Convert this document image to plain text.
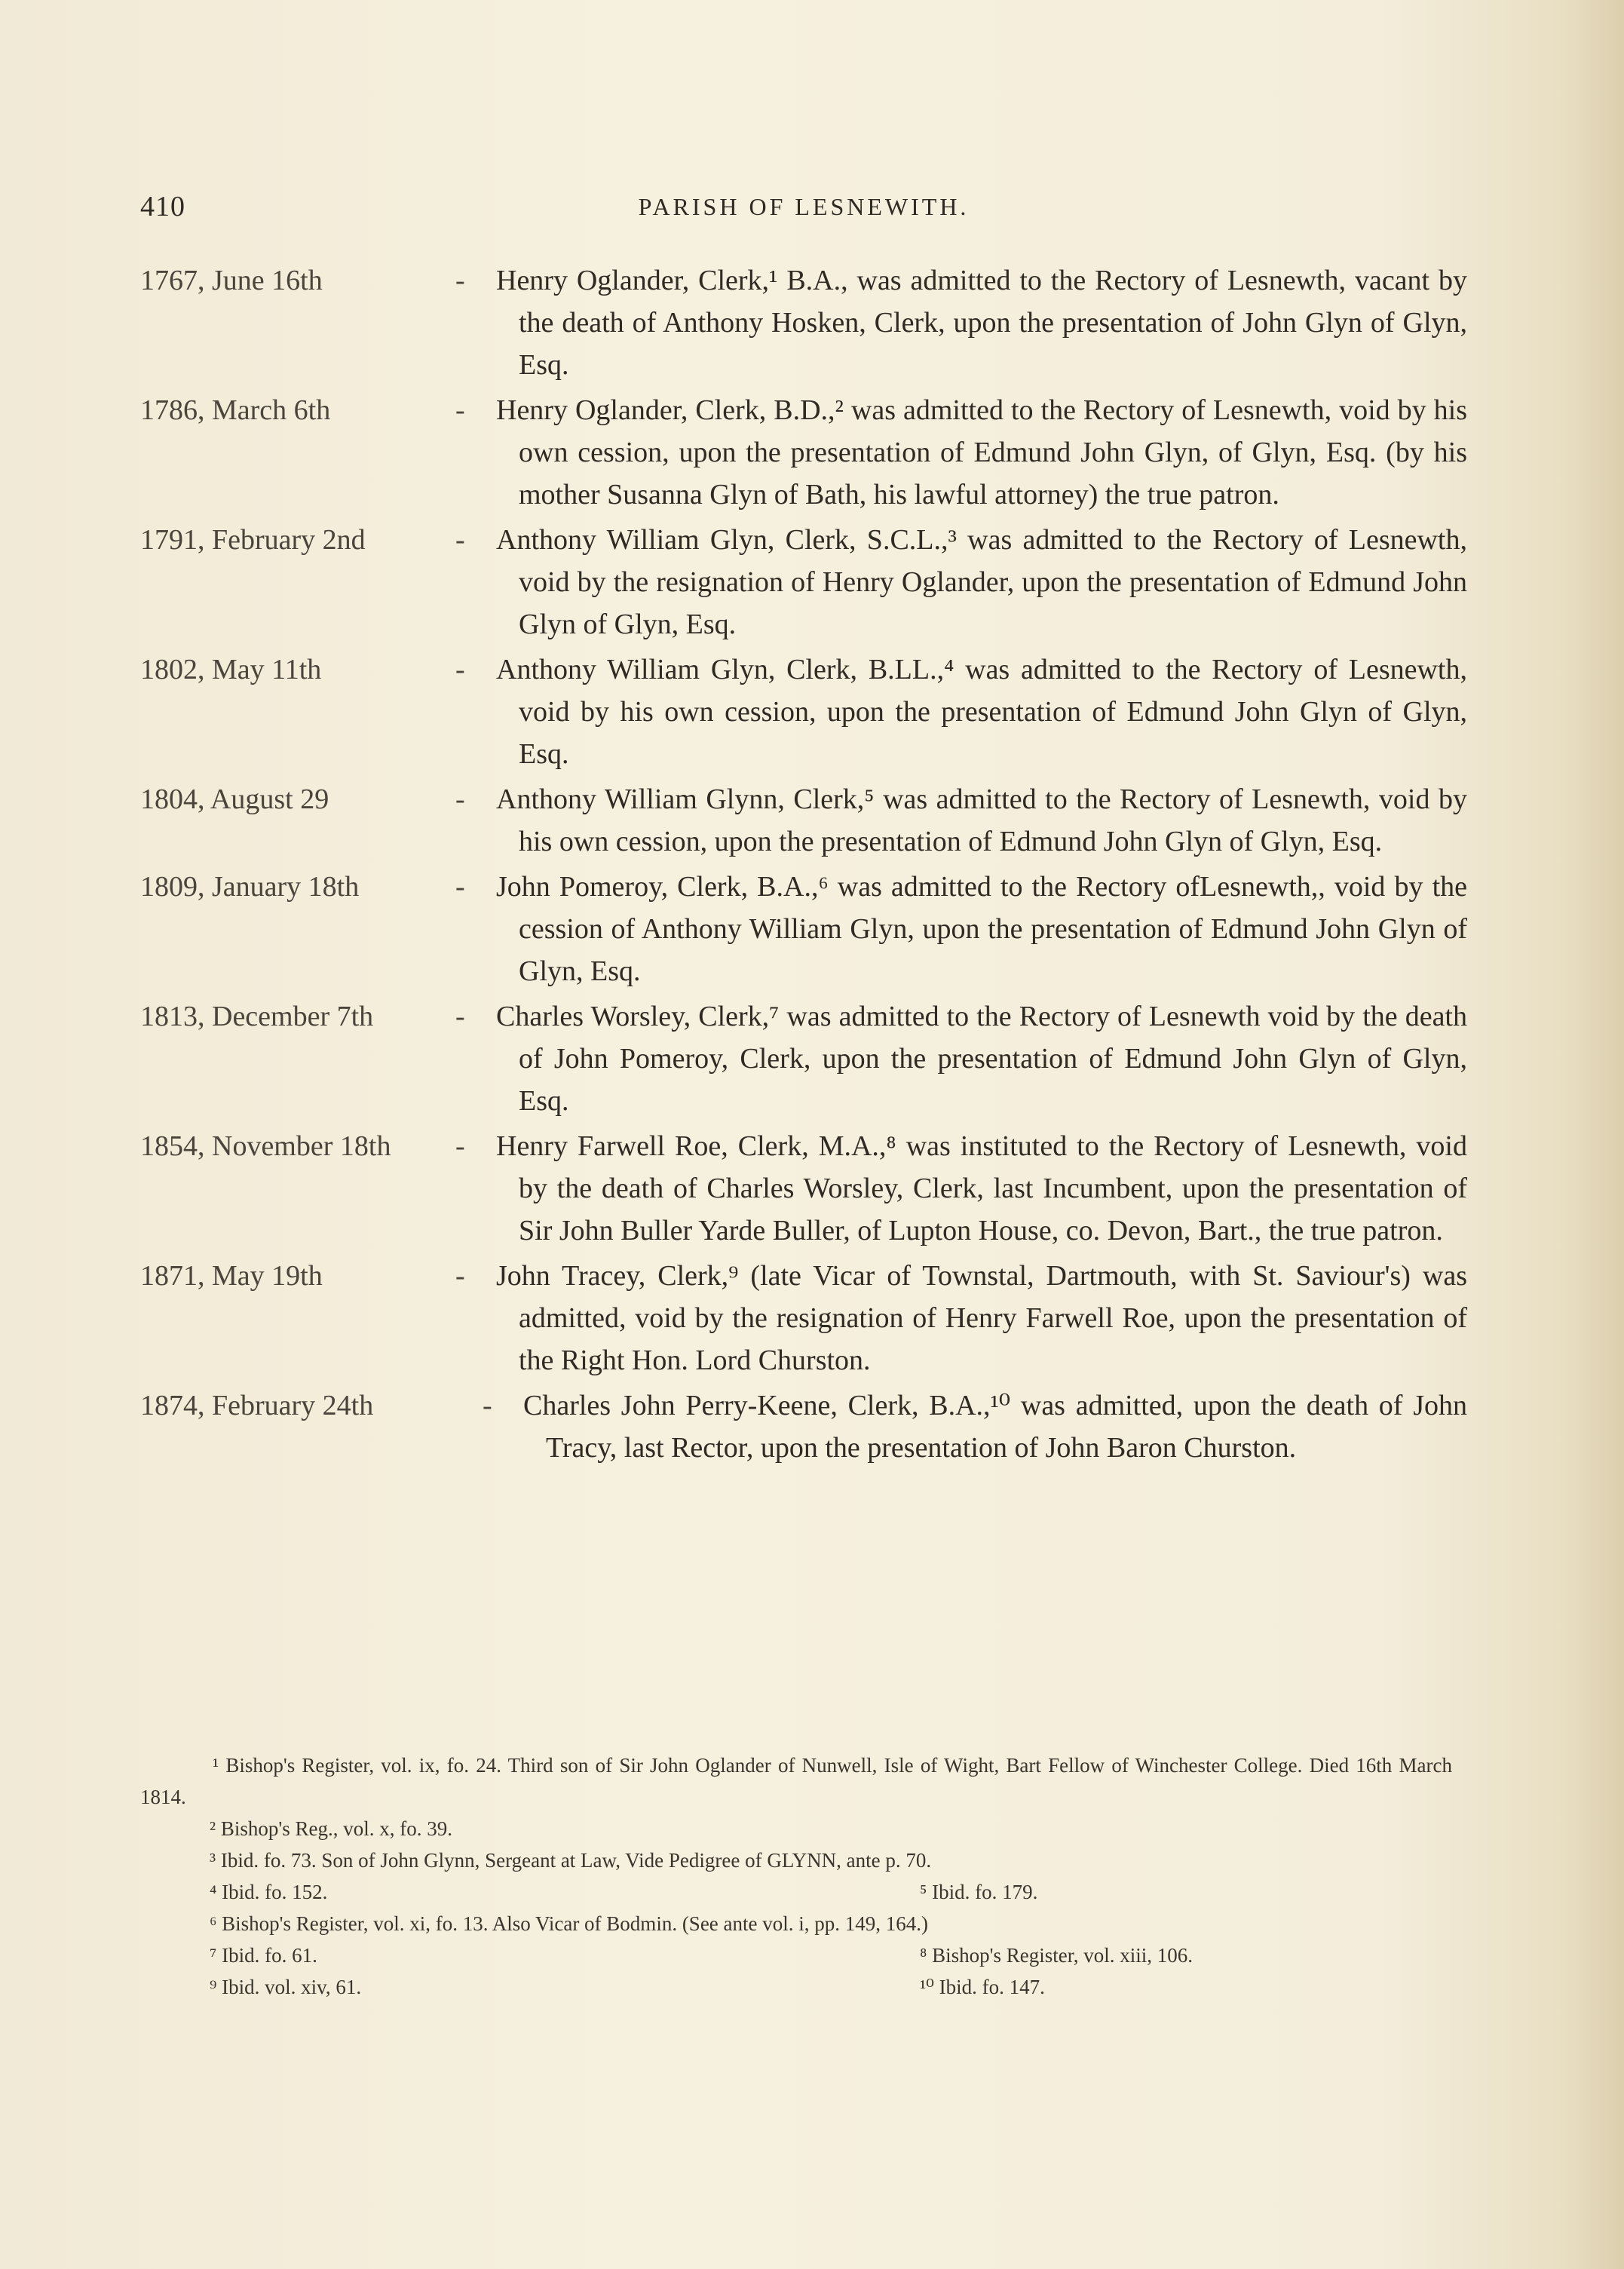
410	PARISH OF LESNEWITH.
1767, June 16th	- Henry Oglander, Clerk,¹ B.A., was admitted to the Rectory of Lesnewth, vacant by the death of Anthony Hosken, Clerk, upon the presentation of John Glyn of Glyn, Esq.
1786, March 6th	- Henry Oglander, Clerk, B.D.,² was admitted to the Rectory of Lesnewth, void by his own cession, upon the presentation of Edmund John Glyn, of Glyn, Esq. (by his mother Susanna Glyn of Bath, his lawful attorney) the true patron.
1791, February 2nd	- Anthony William Glyn, Clerk, S.C.L.,³ was admitted to the Rectory of Lesnewth, void by the resignation of Henry Oglander, upon the presentation of Edmund John Glyn of Glyn, Esq.
1802, May 11th	- Anthony William Glyn, Clerk, B.LL.,⁴ was admitted to the Rectory of Lesnewth, void by his own cession, upon the presentation of Edmund John Glyn of Glyn, Esq.
1804, August 29	- Anthony William Glynn, Clerk,⁵ was admitted to the Rectory of Lesnewth, void by his own cession, upon the presentation of Edmund John Glyn of Glyn, Esq.
1809, January 18th	- John Pomeroy, Clerk, B.A.,⁶ was admitted to the Rectory ofLesnewth,, void by the cession of Anthony William Glyn, upon the presentation of Edmund John Glyn of Glyn, Esq.
1813, December 7th	- Charles Worsley, Clerk,⁷ was admitted to the Rectory of Lesnewth void by the death of John Pomeroy, Clerk, upon the presentation of Edmund John Glyn of Glyn, Esq.
1854, November 18th - Henry Farwell Roe, Clerk, M.A.,⁸ was instituted to the Rectory of Lesnewth, void by the death of Charles Worsley, Clerk, last Incumbent, upon the presentation of Sir John Buller Yarde Buller, of Lupton House, co. Devon, Bart., the true patron.
1871, May 19th	- John Tracey, Clerk,⁹ (late Vicar of Townstal, Dartmouth, with St. Saviour's) was admitted, void by the resignation of Henry Farwell Roe, upon the presentation of the Right Hon. Lord Churston.
1874, February 24th	- Charles John Perry-Keene, Clerk, B.A.,¹⁰ was admitted, upon the death of John Tracy, last Rector, upon the presentation of John Baron Churston.
¹ Bishop's Register, vol. ix, fo. 24. Third son of Sir John Oglander of Nunwell, Isle of Wight, Bart Fellow of Winchester College. Died 16th March 1814.
² Bishop's Reg., vol. x, fo. 39.
³ Ibid. fo. 73. Son of John Glynn, Sergeant at Law, Vide Pedigree of GLYNN, ante p. 70.
⁴ Ibid. fo. 152.	⁵ Ibid. fo. 179.
⁶ Bishop's Register, vol. xi, fo. 13. Also Vicar of Bodmin. (See ante vol. i, pp. 149, 164.)
⁷ Ibid. fo. 61.	⁸ Bishop's Register, vol. xiii, 106.
⁹ Ibid. vol. xiv, 61.	¹⁰ Ibid. fo. 147.
